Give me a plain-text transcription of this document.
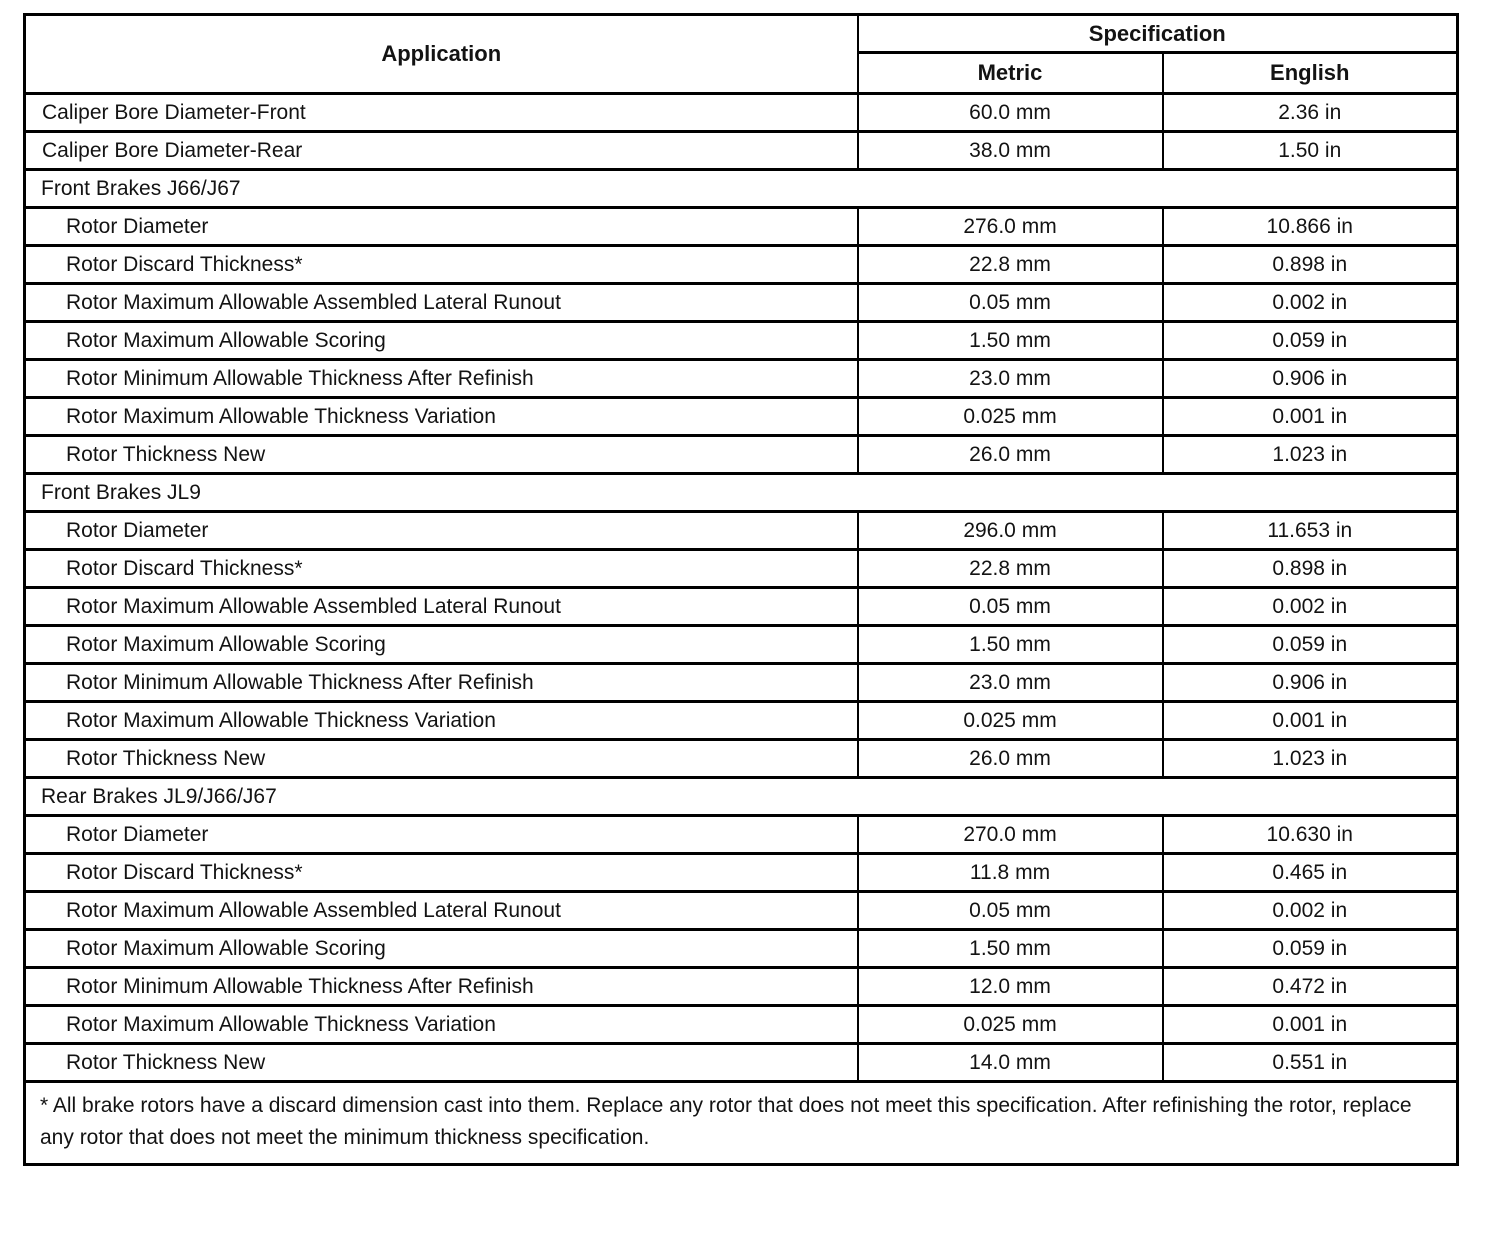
Application	Specification	
	Metric	English
Caliper Bore Diameter-Front	60.0 mm	2.36 in
Caliper Bore Diameter-Rear	38.0 mm	1.50 in
Front Brakes J66/J67		
Rotor Diameter	276.0 mm	10.866 in
Rotor Discard Thickness*	22.8 mm	0.898 in
Rotor Maximum Allowable Assembled Lateral Runout	0.05 mm	0.002 in
Rotor Maximum Allowable Scoring	1.50 mm	0.059 in
Rotor Minimum Allowable Thickness After Refinish	23.0 mm	0.906 in
Rotor Maximum Allowable Thickness Variation	0.025 mm	0.001 in
Rotor Thickness New	26.0 mm	1.023 in
Front Brakes JL9		
Rotor Diameter	296.0 mm	11.653 in
Rotor Discard Thickness*	22.8 mm	0.898 in
Rotor Maximum Allowable Assembled Lateral Runout	0.05 mm	0.002 in
Rotor Maximum Allowable Scoring	1.50 mm	0.059 in
Rotor Minimum Allowable Thickness After Refinish	23.0 mm	0.906 in
Rotor Maximum Allowable Thickness Variation	0.025 mm	0.001 in
Rotor Thickness New	26.0 mm	1.023 in
Rear Brakes JL9/J66/J67		
Rotor Diameter	270.0 mm	10.630 in
Rotor Discard Thickness*	11.8 mm	0.465 in
Rotor Maximum Allowable Assembled Lateral Runout	0.05 mm	0.002 in
Rotor Maximum Allowable Scoring	1.50 mm	0.059 in
Rotor Minimum Allowable Thickness After Refinish	12.0 mm	0.472 in
Rotor Maximum Allowable Thickness Variation	0.025 mm	0.001 in
Rotor Thickness New	14.0 mm	0.551 in
* All brake rotors have a discard dimension cast into them. Replace any rotor that does not meet this specification. After refinishing the rotor, replace any rotor that does not meet the minimum thickness specification.		
